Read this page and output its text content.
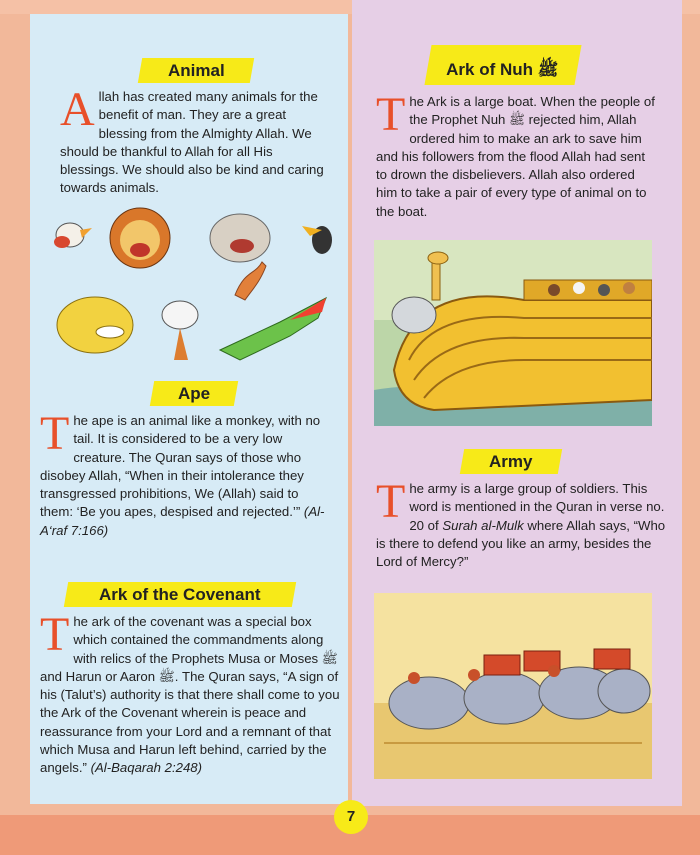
Animal

Allah has created many animals for the benefit of man. They are a great blessing from the Almighty Allah. We should be thankful to Allah for all His blessings. We should also be kind and caring towards animals.

Ape

The ape is an animal like a monkey, with no tail. It is considered to be a very low creature. The Quran says of those who disobey Allah, “When in their intolerance they transgressed prohibitions, We (Allah) said to them: ‘Be you apes, despised and rejected.’” (Al-A‘raf 7:166)

Ark of the Covenant

The ark of the covenant was a special box which contained the commandments along with relics of the Prophets Musa or Moses ﷺ and Harun or Aaron ﷺ. The Quran says, “A sign of his (Talut’s) authority is that there shall come to you the Ark of the Covenant wherein is peace and reassurance from your Lord and a remnant of that which Musa and Harun left behind, carried by the angels.” (Al-Baqarah 2:248)

Ark of Nuh ﷺ

The Ark is a large boat. When the people of the Prophet Nuh ﷺ rejected him, Allah ordered him to make an ark to save him and his followers from the flood Allah had sent to drown the disbelievers. Allah also ordered him to take a pair of every type of animal on to the boat.

Army

The army is a large group of soldiers. This word is mentioned in the Quran in verse no. 20 of Surah al-Mulk where Allah says, “Who is there to defend you like an army, besides the Lord of Mercy?”

7
